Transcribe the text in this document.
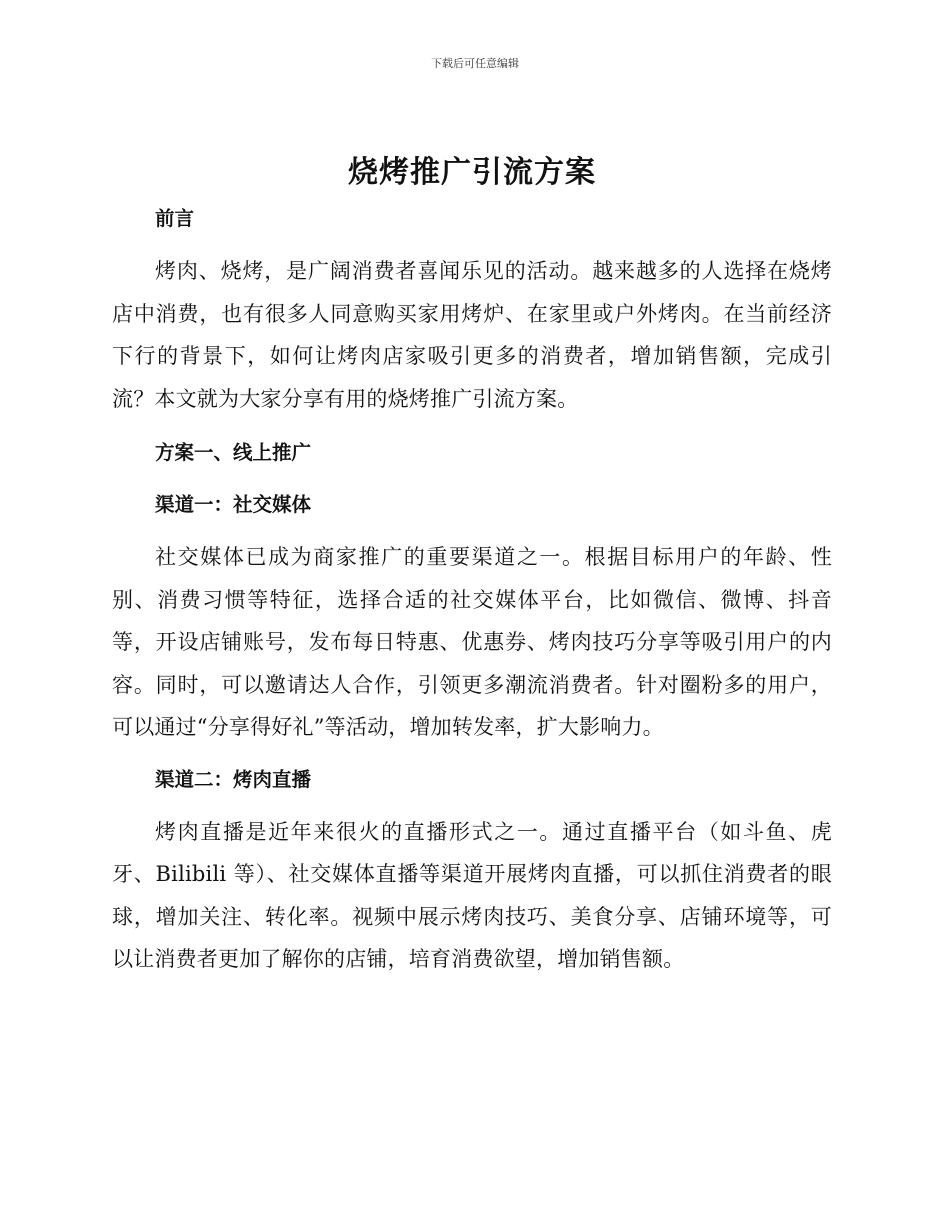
下载后可任意编辑
烧烤推广引流方案
前言

烤肉、烧烤，是广阔消费者喜闻乐见的活动。越来越多的人选择在烧烤店中消费，也有很多人同意购买家用烤炉、在家里或户外烤肉。在当前经济下行的背景下，如何让烤肉店家吸引更多的消费者，增加销售额，完成引流？本文就为大家分享有用的烧烤推广引流方案。

方案一、线上推广
渠道一：社交媒体

社交媒体已成为商家推广的重要渠道之一。根据目标用户的年龄、性别、消费习惯等特征，选择合适的社交媒体平台，比如微信、微博、抖音等，开设店铺账号，发布每日特惠、优惠券、烤肉技巧分享等吸引用户的内容。同时，可以邀请达人合作，引领更多潮流消费者。针对圈粉多的用户，可以通过“分享得好礼”等活动，增加转发率，扩大影响力。

渠道二：烤肉直播

烤肉直播是近年来很火的直播形式之一。通过直播平台（如斗鱼、虎牙、Bilibili 等）、社交媒体直播等渠道开展烤肉直播，可以抓住消费者的眼球，增加关注、转化率。视频中展示烤肉技巧、美食分享、店铺环境等，可以让消费者更加了解你的店铺，培育消费欲望，增加销售额。
